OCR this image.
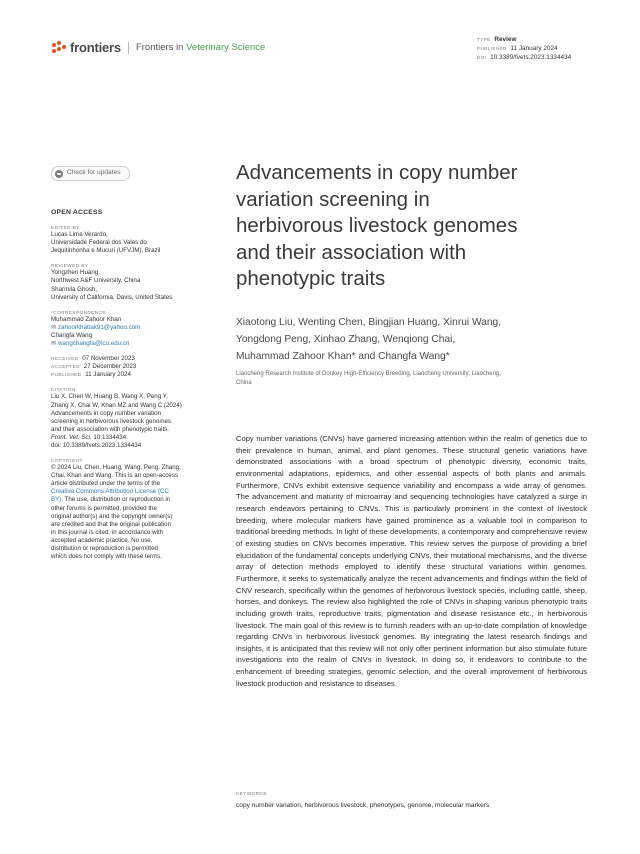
frontiers Frontiers in Veterinary Science
TYPE Review
PUBLISHED 11 January 2024
DOI 10.3389/fvets.2023.1334434
Check for updates
OPEN ACCESS
EDITED BY
Lucas Lima Verardo,
Universidade Federal dos Vales do
Jequitinhonha e Mucuri (UFVJM), Brazil
REVIEWED BY
Yongzhen Huang,
Northwest A&F University, China
Sharmila Ghosh,
University of California, Davis, United States
*CORRESPONDENCE
Muhammad Zahoor Khan
✉ zahoorkhattak91@yahoo.com
Changfa Wang
✉ wangchangfa@lcu.edu.cn
RECEIVED 07 November 2023
ACCEPTED 27 December 2023
PUBLISHED 11 January 2024
CITATION
Liu X, Chen W, Huang B, Wang X, Peng Y,
Zhang X, Chai W, Khan MZ and Wang C (2024)
Advancements in copy number variation
screening in herbivorous livestock genomes
and their association with phenotypic traits.
Front. Vet. Sci. 10:1334434.
doi: 10.3389/fvets.2023.1334434
COPYRIGHT
© 2024 Liu, Chen, Huang, Wang, Peng, Zhang,
Chai, Khan and Wang. This is an open-access
article distributed under the terms of the
Creative Commons Attribution License (CC
BY). The use, distribution or reproduction in
other forums is permitted, provided the
original author(s) and the copyright owner(s)
are credited and that the original publication
in this journal is cited, in accordance with
accepted academic practice. No use,
distribution or reproduction is permitted
which does not comply with these terms.
Advancements in copy number
variation screening in
herbivorous livestock genomes
and their association with
phenotypic traits
Xiaotong Liu, Wenting Chen, Bingjian Huang, Xinrui Wang,
Yongdong Peng, Xinhao Zhang, Wenqiong Chai,
Muhammad Zahoor Khan* and Changfa Wang*
Liaocheng Research Institute of Donkey High-Efficiency Breeding, Liaocheng University, Liaocheng,
China

Copy number variations (CNVs) have garnered increasing attention within the realm of genetics due to their prevalence in human, animal, and plant genomes. These structural genetic variations have demonstrated associations with a broad spectrum of phenotypic diversity, economic traits, environmental adaptations, epidemics, and other essential aspects of both plants and animals. Furthermore, CNVs exhibit extensive sequence variability and encompass a wide array of genomes. The advancement and maturity of microarray and sequencing technologies have catalyzed a surge in research endeavors pertaining to CNVs. This is particularly prominent in the context of livestock breeding, where molecular markers have gained prominence as a valuable tool in comparison to traditional breeding methods. In light of these developments, a contemporary and comprehensive review of existing studies on CNVs becomes imperative. This review serves the purpose of providing a brief elucidation of the fundamental concepts underlying CNVs, their mutational mechanisms, and the diverse array of detection methods employed to identify these structural variations within genomes. Furthermore, it seeks to systematically analyze the recent advancements and findings within the field of CNV research, specifically within the genomes of herbivorous livestock species, including cattle, sheep, horses, and donkeys. The review also highlighted the role of CNVs in shaping various phenotypic traits including growth traits, reproductive traits, pigmentation and disease resistance etc., in herbivorous livestock. The main goal of this review is to furnish readers with an up-to-date compilation of knowledge regarding CNVs in herbivorous livestock genomes. By integrating the latest research findings and insights, it is anticipated that this review will not only offer pertinent information but also stimulate future investigations into the realm of CNVs in livestock. In doing so, it endeavors to contribute to the enhancement of breeding strategies, genomic selection, and the overall improvement of herbivorous livestock production and resistance to diseases.

KEYWORDS
copy number variation, herbivorous livestock, phenotypes, genome, molecular markers
